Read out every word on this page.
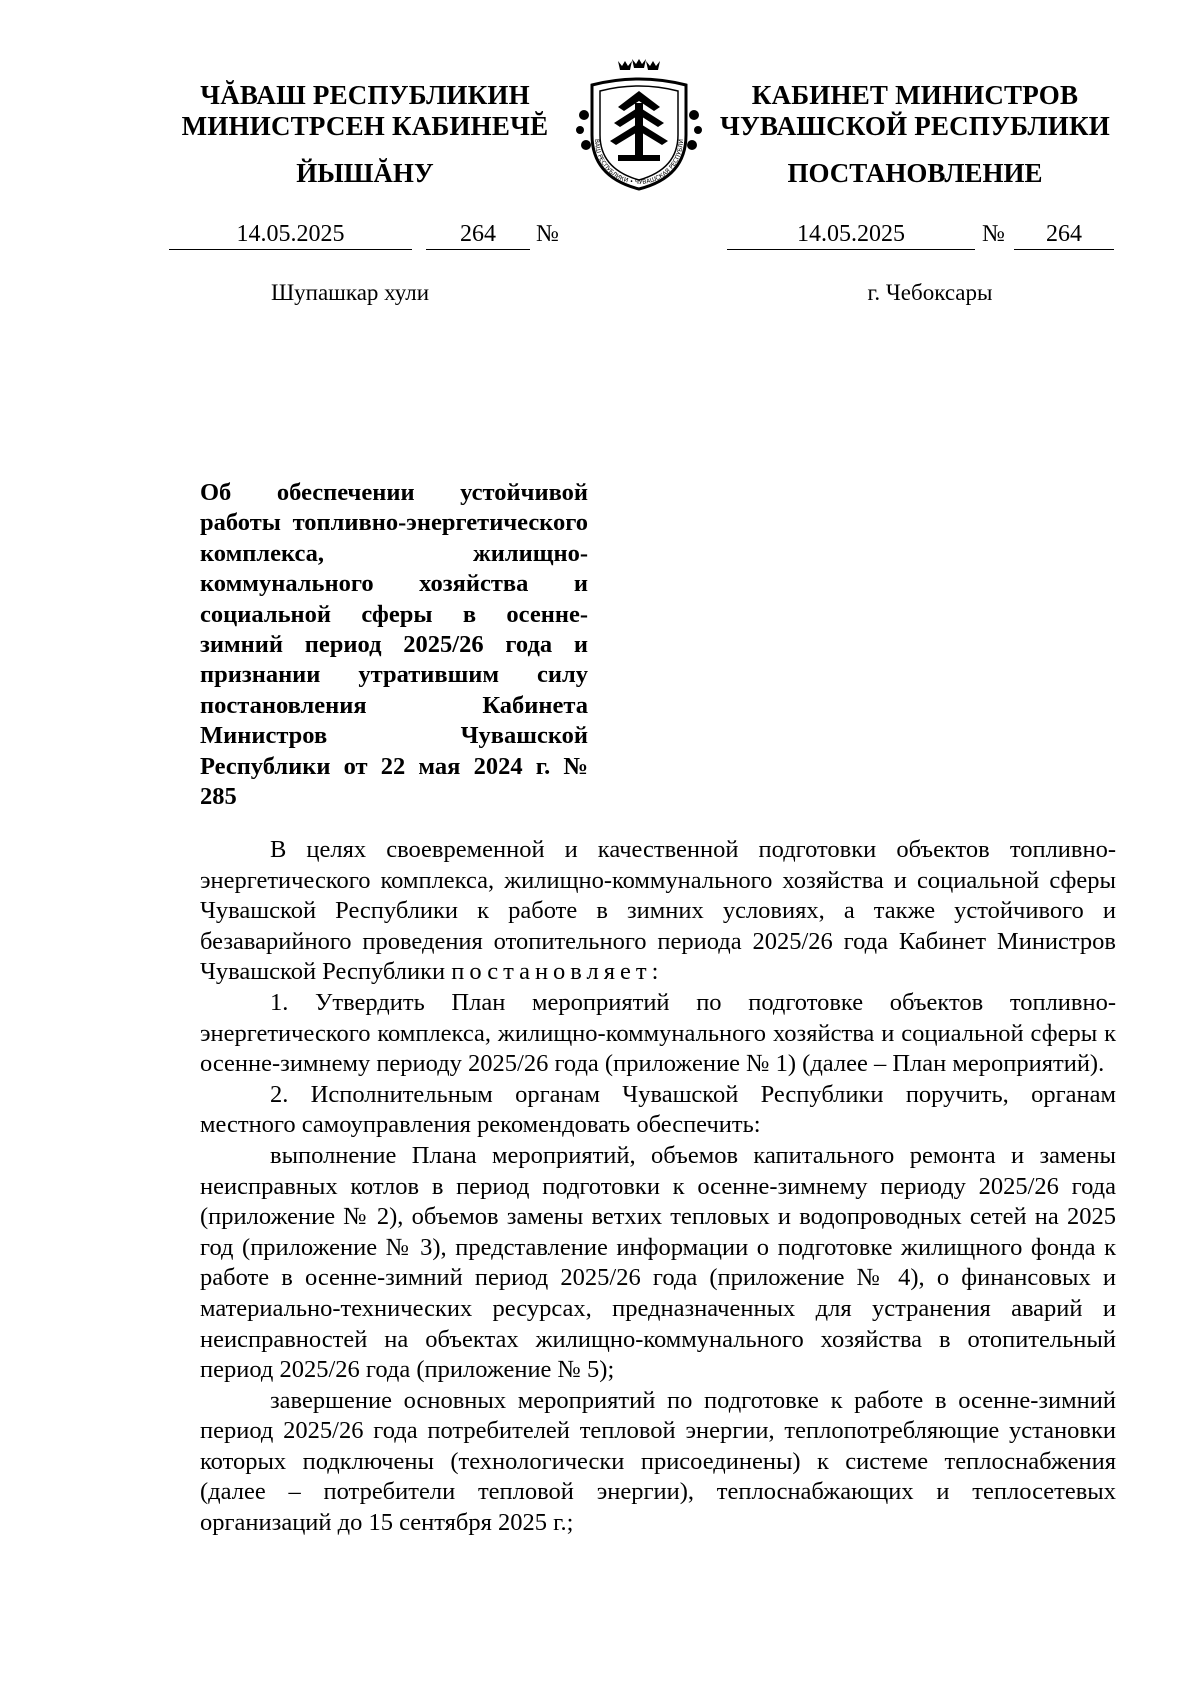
ЧĂВАШ РЕСПУБЛИКИН
МИНИСТРСЕН КАБИНЕЧĔ
ЙЫШĂНУ
14.05.2025	264	№
Шупашкар хули
ВАШ РЕСПУБЛИКИ • ЧУВАШСКАЯ РЕСПУБЛИ
КАБИНЕТ МИНИСТРОВ
ЧУВАШСКОЙ РЕСПУБЛИКИ
ПОСТАНОВЛЕНИЕ
14.05.2025	№	264
г. Чебоксары
Об обеспечении устойчивой работы топливно-энергетического комплекса, жилищно-коммунального хозяйства и социальной сферы в осенне-зимний период 2025/26 года и признании утратившим силу постановления Кабинета Министров Чувашской Республики от 22 мая 2024 г. № 285

В целях своевременной и качественной подготовки объектов топливно-энергетического комплекса, жилищно-коммунального хозяйства и социальной сферы Чувашской Республики к работе в зимних условиях, а также устойчивого и безаварийного проведения отопительного периода 2025/26 года Кабинет Министров Чувашской Республики постановляет:

1. Утвердить План мероприятий по подготовке объектов топливно-энергетического комплекса, жилищно-коммунального хозяйства и социальной сферы к осенне-зимнему периоду 2025/26 года (приложение № 1) (далее – План мероприятий).

2. Исполнительным органам Чувашской Республики поручить, органам местного самоуправления рекомендовать обеспечить:

выполнение Плана мероприятий, объемов капитального ремонта и замены неисправных котлов в период подготовки к осенне-зимнему периоду 2025/26 года (приложение № 2), объемов замены ветхих тепловых и водопроводных сетей на 2025 год (приложение № 3), представление информации о подготовке жилищного фонда к работе в осенне-зимний период 2025/26 года (приложение № 4), о финансовых и материально-технических ресурсах, предназначенных для устранения аварий и неисправностей на объектах жилищно-коммунального хозяйства в отопительный период 2025/26 года (приложение № 5);

завершение основных мероприятий по подготовке к работе в осенне-зимний период 2025/26 года потребителей тепловой энергии, теплопотребляющие установки которых подключены (технологически присоединены) к системе теплоснабжения (далее – потребители тепловой энергии), теплоснабжающих и теплосетевых организаций до 15 сентября 2025 г.;
